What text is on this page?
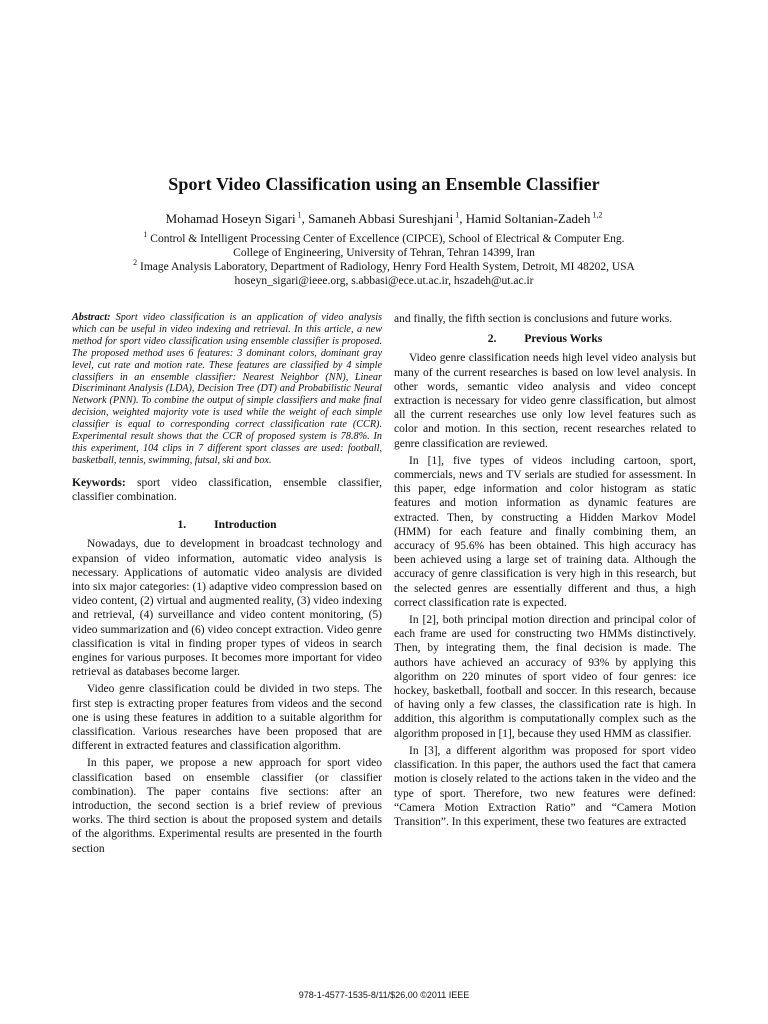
Sport Video Classification using an Ensemble Classifier
Mohamad Hoseyn Sigari $^1$, Samaneh Abbasi Sureshjani $^1$, Hamid Soltanian-Zadeh $^{1,2}$
$^1$ Control & Intelligent Processing Center of Excellence (CIPCE), School of Electrical & Computer Eng.
College of Engineering, University of Tehran, Tehran 14399, Iran
$^2$ Image Analysis Laboratory, Department of Radiology, Henry Ford Health System, Detroit, MI 48202, USA
hoseyn_sigari@ieee.org, s.abbasi@ece.ut.ac.ir, hszadeh@ut.ac.ir
Abstract: Sport video classification is an application of video analysis which can be useful in video indexing and retrieval. In this article, a new method for sport video classification using ensemble classifier is proposed. The proposed method uses 6 features: 3 dominant colors, dominant gray level, cut rate and motion rate. These features are classified by 4 simple classifiers in an ensemble classifier: Nearest Neighbor (NN), Linear Discriminant Analysis (LDA), Decision Tree (DT) and Probabilistic Neural Network (PNN). To combine the output of simple classifiers and make final decision, weighted majority vote is used while the weight of each simple classifier is equal to corresponding correct classification rate (CCR). Experimental result shows that the CCR of proposed system is 78.8%. In this experiment, 104 clips in 7 different sport classes are used: football, basketball, tennis, swimming, futsal, ski and box.

Keywords: sport video classification, ensemble classifier, classifier combination.

1. Introduction

Nowadays, due to development in broadcast technology and expansion of video information, automatic video analysis is necessary. Applications of automatic video analysis are divided into six major categories: (1) adaptive video compression based on video content, (2) virtual and augmented reality, (3) video indexing and retrieval, (4) surveillance and video content monitoring, (5) video summarization and (6) video concept extraction. Video genre classification is vital in finding proper types of videos in search engines for various purposes. It becomes more important for video retrieval as databases become larger.

Video genre classification could be divided in two steps. The first step is extracting proper features from videos and the second one is using these features in addition to a suitable algorithm for classification. Various researches have been proposed that are different in extracted features and classification algorithm.

In this paper, we propose a new approach for sport video classification based on ensemble classifier (or classifier combination). The paper contains five sections: after an introduction, the second section is a brief review of previous works. The third section is about the proposed system and details of the algorithms. Experimental results are presented in the fourth section

and finally, the fifth section is conclusions and future works.

2. Previous Works

Video genre classification needs high level video analysis but many of the current researches is based on low level analysis. In other words, semantic video analysis and video concept extraction is necessary for video genre classification, but almost all the current researches use only low level features such as color and motion. In this section, recent researches related to genre classification are reviewed.

In [1], five types of videos including cartoon, sport, commercials, news and TV serials are studied for assessment. In this paper, edge information and color histogram as static features and motion information as dynamic features are extracted. Then, by constructing a Hidden Markov Model (HMM) for each feature and finally combining them, an accuracy of 95.6% has been obtained. This high accuracy has been achieved using a large set of training data. Although the accuracy of genre classification is very high in this research, but the selected genres are essentially different and thus, a high correct classification rate is expected.

In [2], both principal motion direction and principal color of each frame are used for constructing two HMMs distinctively. Then, by integrating them, the final decision is made. The authors have achieved an accuracy of 93% by applying this algorithm on 220 minutes of sport video of four genres: ice hockey, basketball, football and soccer. In this research, because of having only a few classes, the classification rate is high. In addition, this algorithm is computationally complex such as the algorithm proposed in [1], because they used HMM as classifier.

In [3], a different algorithm was proposed for sport video classification. In this paper, the authors used the fact that camera motion is closely related to the actions taken in the video and the type of sport. Therefore, two new features were defined: “Camera Motion Extraction Ratio” and “Camera Motion Transition”. In this experiment, these two features are extracted

978-1-4577-1535-8/11/$26.00 ©2011 IEEE
